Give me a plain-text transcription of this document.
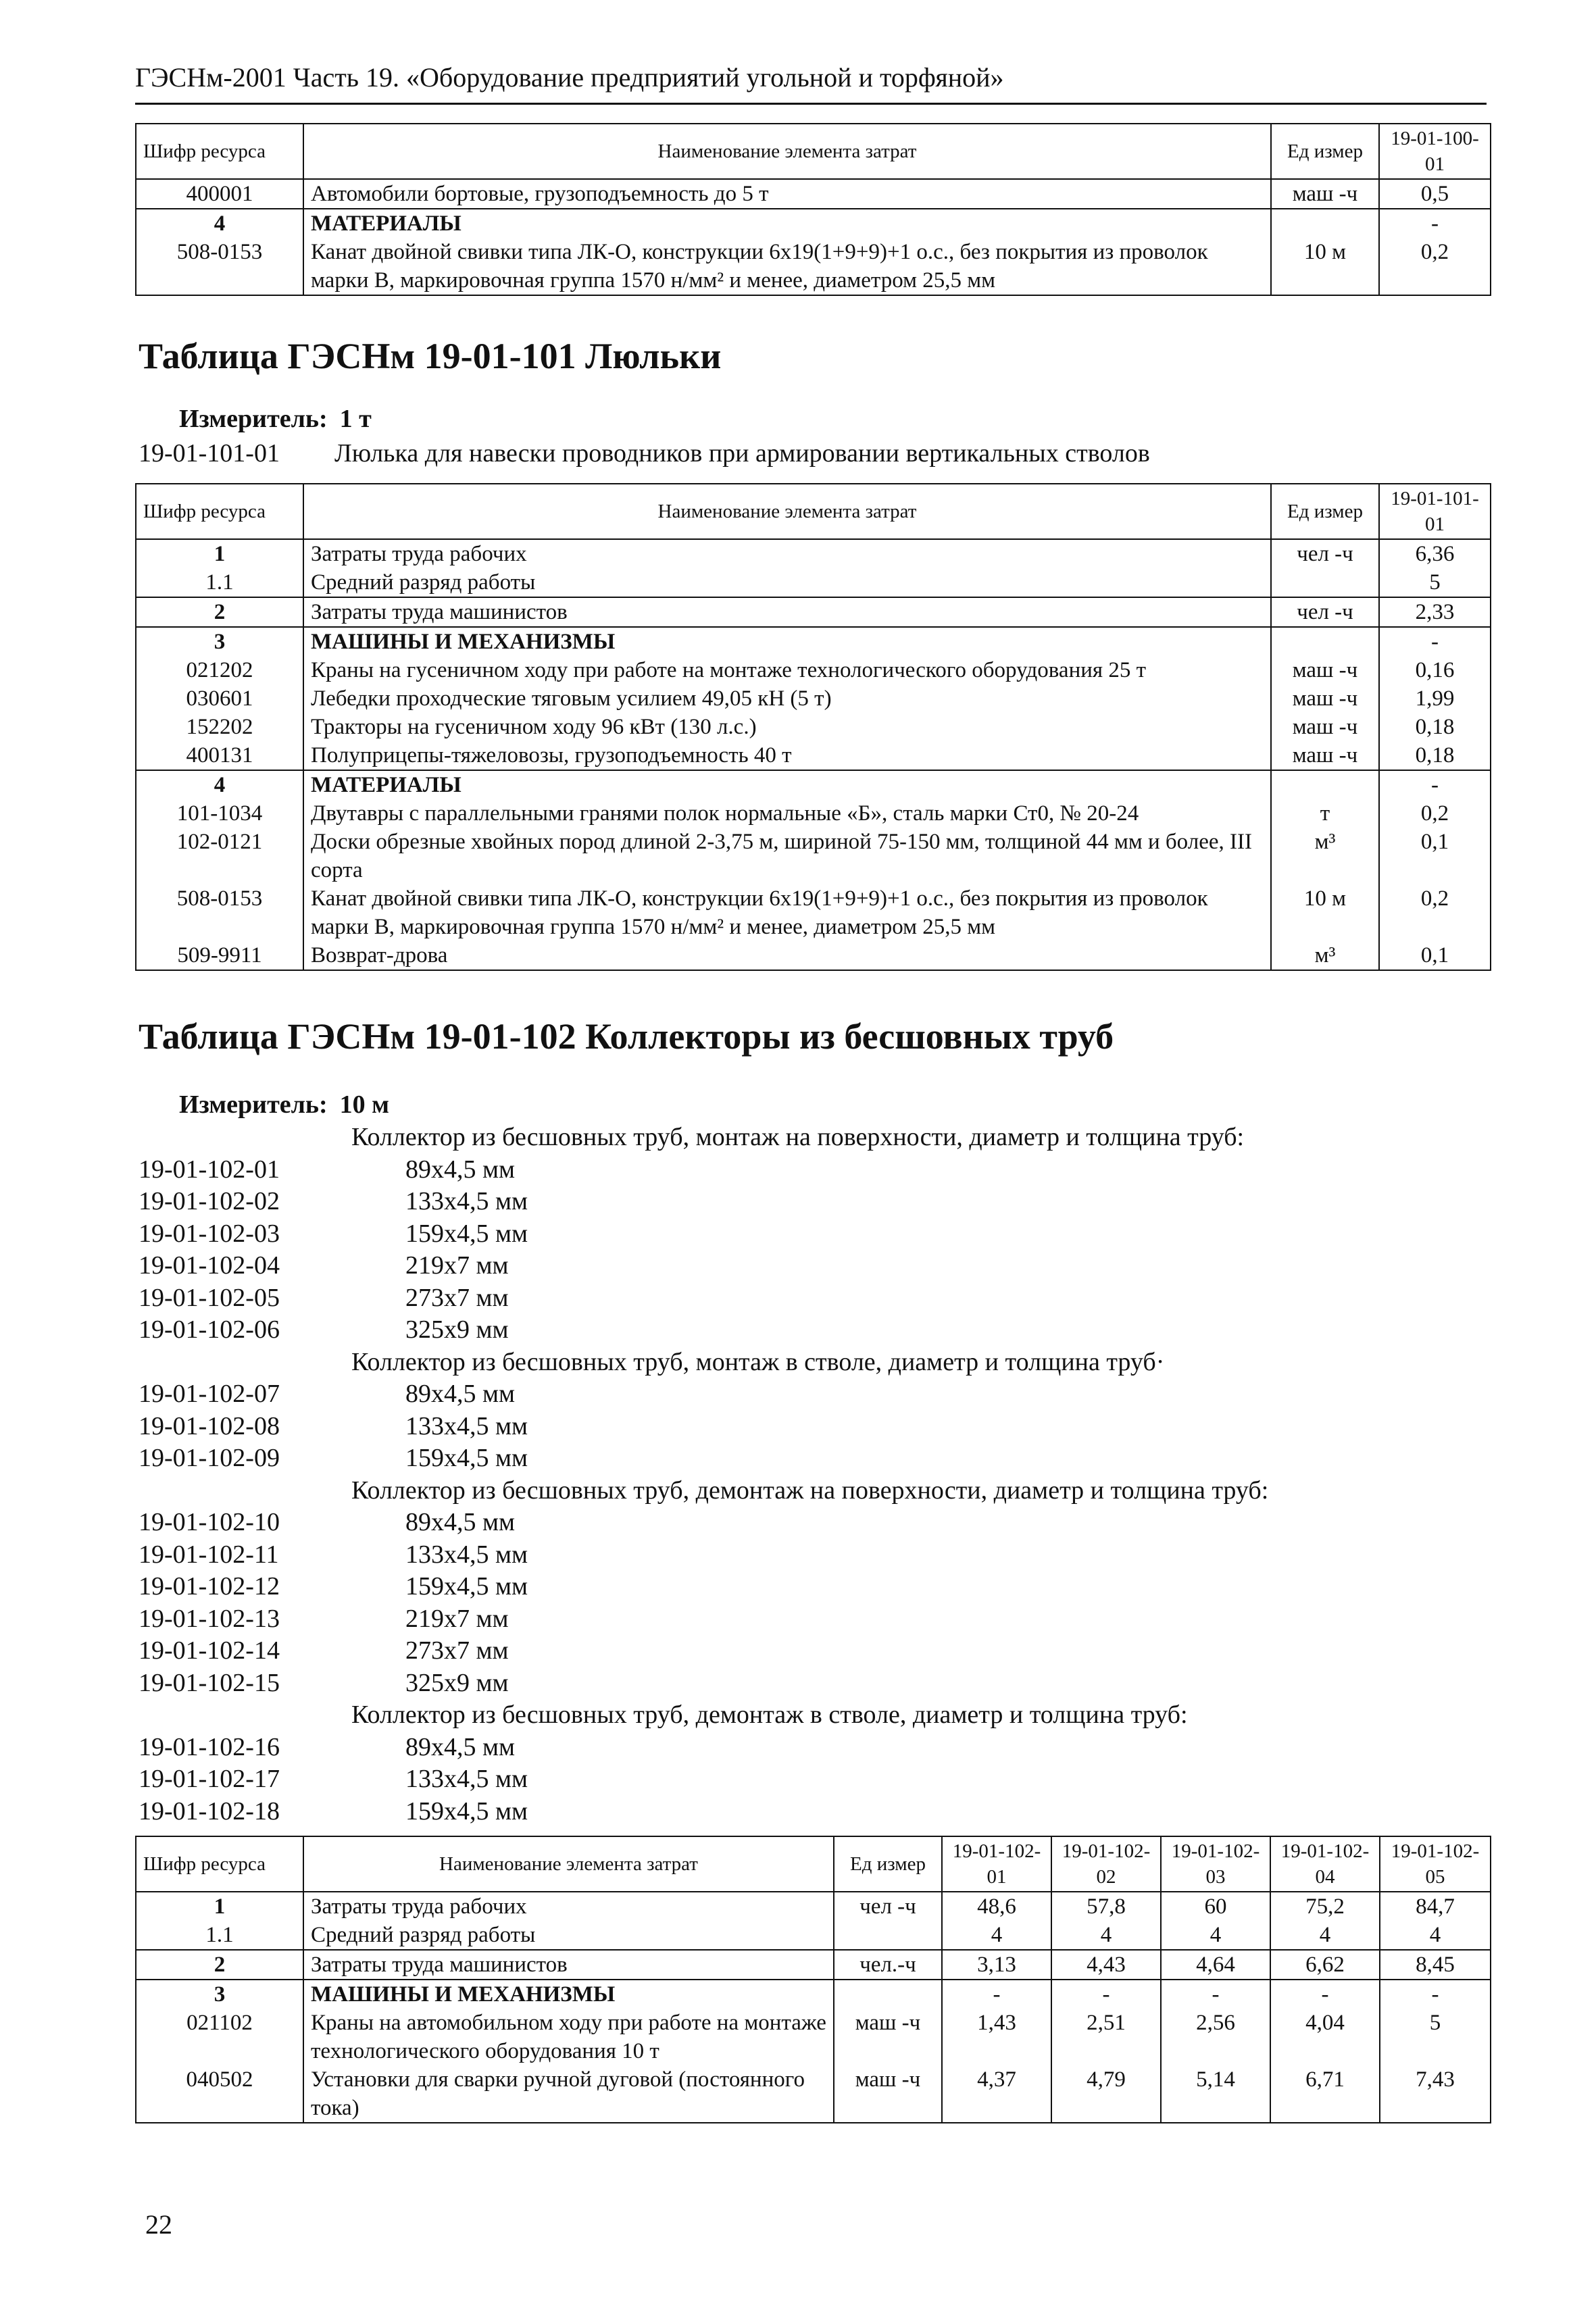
ГЭСНм-2001 Часть 19. «Оборудование предприятий угольной и торфяной»
Шифр ресурса	Наименование элемента затрат	Ед измер	19-01-100-01
400001	Автомобили бортовые, грузоподъемность до 5 т	маш -ч	0,5
4	МАТЕРИАЛЫ		-
508-0153	Канат двойной свивки типа ЛК-О, конструкции 6х19(1+9+9)+1 о.с., без покрытия из проволок марки В, маркировочная группа 1570 н/мм² и менее, диаметром 25,5 мм	10 м	0,2
Таблица ГЭСНм 19-01-101 Люльки
Измеритель: 1 т
19-01-101-01 Люлька для навески проводников при армировании вертикальных стволов
Шифр ресурса	Наименование элемента затрат	Ед измер	19-01-101-01
1	Затраты труда рабочих	чел -ч	6,36
1.1	Средний разряд работы		5
2	Затраты труда машинистов	чел -ч	2,33
3	МАШИНЫ И МЕХАНИЗМЫ		-
021202	Краны на гусеничном ходу при работе на монтаже технологического оборудования 25 т	маш -ч	0,16
030601	Лебедки проходческие тяговым усилием 49,05 кН (5 т)	маш -ч	1,99
152202	Тракторы на гусеничном ходу 96 кВт (130 л.с.)	маш -ч	0,18
400131	Полуприцепы-тяжеловозы, грузоподъемность 40 т	маш -ч	0,18
4	МАТЕРИАЛЫ		-
101-1034	Двутавры с параллельными гранями полок нормальные «Б», сталь марки Ст0, № 20-24	т	0,2
102-0121	Доски обрезные хвойных пород длиной 2-3,75 м, шириной 75-150 мм, толщиной 44 мм и более, III сорта	м³	0,1
508-0153	Канат двойной свивки типа ЛК-О, конструкции 6х19(1+9+9)+1 о.с., без покрытия из проволок марки В, маркировочная группа 1570 н/мм² и менее, диаметром 25,5 мм	10 м	0,2
509-9911	Возврат-дрова	м³	0,1
Таблица ГЭСНм 19-01-102 Коллекторы из бесшовных труб
Измеритель: 10 м
Коллектор из бесшовных труб, монтаж на поверхности, диаметр и толщина труб:
19-01-102-01	89х4,5 мм
19-01-102-02	133х4,5 мм
19-01-102-03	159х4,5 мм
19-01-102-04	219х7 мм
19-01-102-05	273х7 мм
19-01-102-06	325х9 мм
Коллектор из бесшовных труб, монтаж в стволе, диаметр и толщина труб·
19-01-102-07	89х4,5 мм
19-01-102-08	133х4,5 мм
19-01-102-09	159х4,5 мм
Коллектор из бесшовных труб, демонтаж на поверхности, диаметр и толщина труб:
19-01-102-10	89х4,5 мм
19-01-102-11	133х4,5 мм
19-01-102-12	159х4,5 мм
19-01-102-13	219х7 мм
19-01-102-14	273х7 мм
19-01-102-15	325х9 мм
Коллектор из бесшовных труб, демонтаж в стволе, диаметр и толщина труб:
19-01-102-16	89х4,5 мм
19-01-102-17	133х4,5 мм
19-01-102-18	159х4,5 мм
Шифр ресурса	Наименование элемента затрат	Ед измер	19-01-102-01	19-01-102-02	19-01-102-03	19-01-102-04	19-01-102-05
1	Затраты труда рабочих	чел -ч	48,6	57,8	60	75,2	84,7
1.1	Средний разряд работы		4	4	4	4	4
2	Затраты труда машинистов	чел.-ч	3,13	4,43	4,64	6,62	8,45
3	МАШИНЫ И МЕХАНИЗМЫ		-	-	-	-	-
021102	Краны на автомобильном ходу при работе на монтаже технологического оборудования 10 т	маш -ч	1,43	2,51	2,56	4,04	5
040502	Установки для сварки ручной дуговой (постоянного тока)	маш -ч	4,37	4,79	5,14	6,71	7,43
22
